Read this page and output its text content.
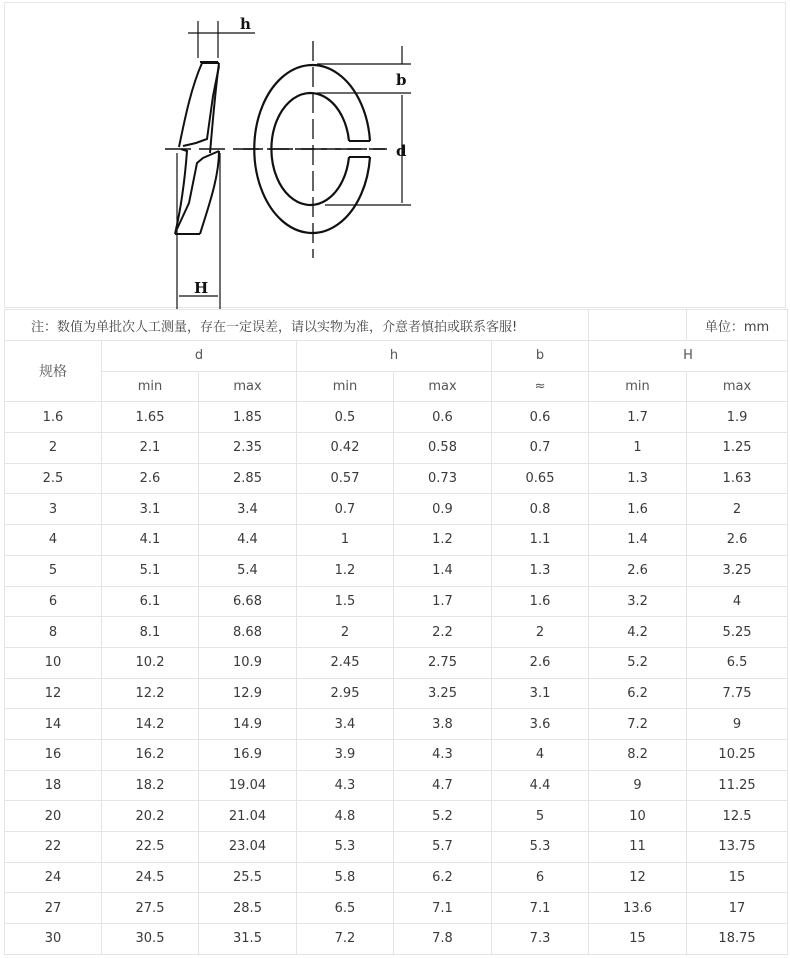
h
b
d
H
注：数值为单批次人工测量，存在一定误差，请以实物为准，介意者慎拍或联系客服!							单位：mm
规格	d		h		b	H	
	min	max	min	max	≈	min	max
1.6	1.65	1.85	0.5	0.6	0.6	1.7	1.9
2	2.1	2.35	0.42	0.58	0.7	1	1.25
2.5	2.6	2.85	0.57	0.73	0.65	1.3	1.63
3	3.1	3.4	0.7	0.9	0.8	1.6	2
4	4.1	4.4	1	1.2	1.1	1.4	2.6
5	5.1	5.4	1.2	1.4	1.3	2.6	3.25
6	6.1	6.68	1.5	1.7	1.6	3.2	4
8	8.1	8.68	2	2.2	2	4.2	5.25
10	10.2	10.9	2.45	2.75	2.6	5.2	6.5
12	12.2	12.9	2.95	3.25	3.1	6.2	7.75
14	14.2	14.9	3.4	3.8	3.6	7.2	9
16	16.2	16.9	3.9	4.3	4	8.2	10.25
18	18.2	19.04	4.3	4.7	4.4	9	11.25
20	20.2	21.04	4.8	5.2	5	10	12.5
22	22.5	23.04	5.3	5.7	5.3	11	13.75
24	24.5	25.5	5.8	6.2	6	12	15
27	27.5	28.5	6.5	7.1	7.1	13.6	17
30	30.5	31.5	7.2	7.8	7.3	15	18.75
